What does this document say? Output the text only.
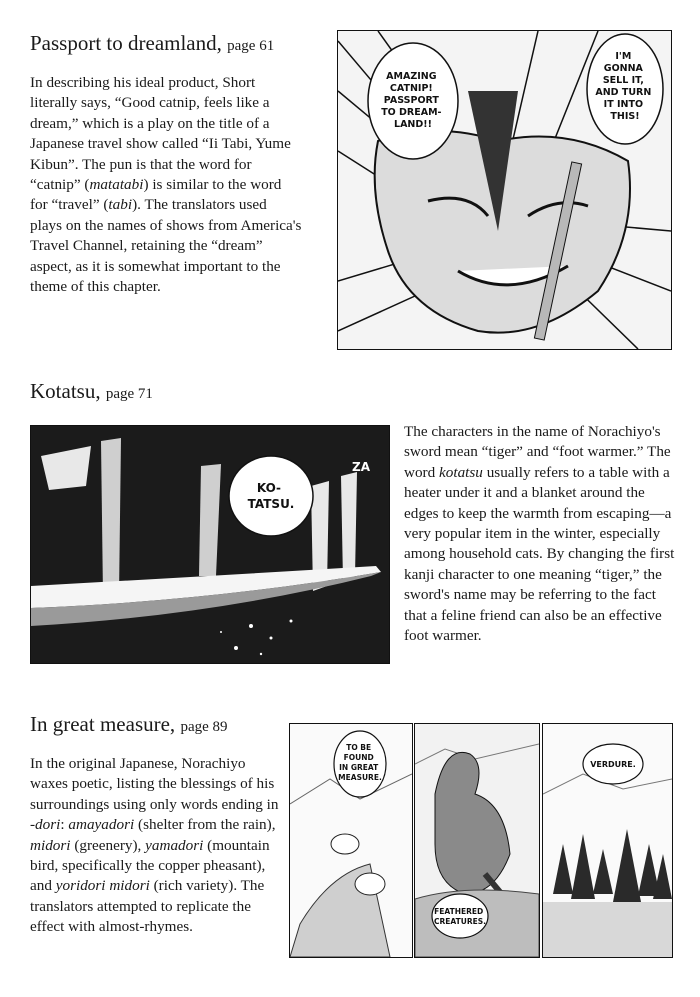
Passport to dreamland, page 61
In describing his ideal product, Short literally says, “Good catnip, feels like a dream,” which is a play on the title of a Japanese travel show called “Ii Tabi, Yume Kibun”. The pun is that the word for “catnip” (matatabi) is similar to the word for “travel” (tabi). The translators used plays on the names of shows from America's Travel Channel, retaining the “dream” aspect, as it is somewhat important to the theme of this chapter.
AMAZING CATNIP! PASSPORT TO DREAM- LAND!!
I'M GONNA SELL IT, AND TURN IT INTO THIS!
Kotatsu, page 71
KO- TATSU.
ZA
The characters in the name of Norachiyo's sword mean “tiger” and “foot warmer.” The word kotatsu usually refers to a table with a heater under it and a blanket around the edges to keep the warmth from escaping—a very popular item in the winter, especially among household cats. By changing the first kanji character to one meaning “tiger,” the sword's name may be referring to the fact that a feline friend can also be an effective foot warmer.
In great measure, page 89
In the original Japanese, Norachiyo waxes poetic, listing the blessings of his surroundings using only words ending in -dori: amayadori (shelter from the rain), midori (greenery), yamadori (mountain bird, specifically the copper pheasant), and yoridori midori (rich variety). The translators attempted to replicate the effect with almost-rhymes.
TO BE FOUND IN GREAT MEASURE.
FEATHERED CREATURES.
VERDURE.
